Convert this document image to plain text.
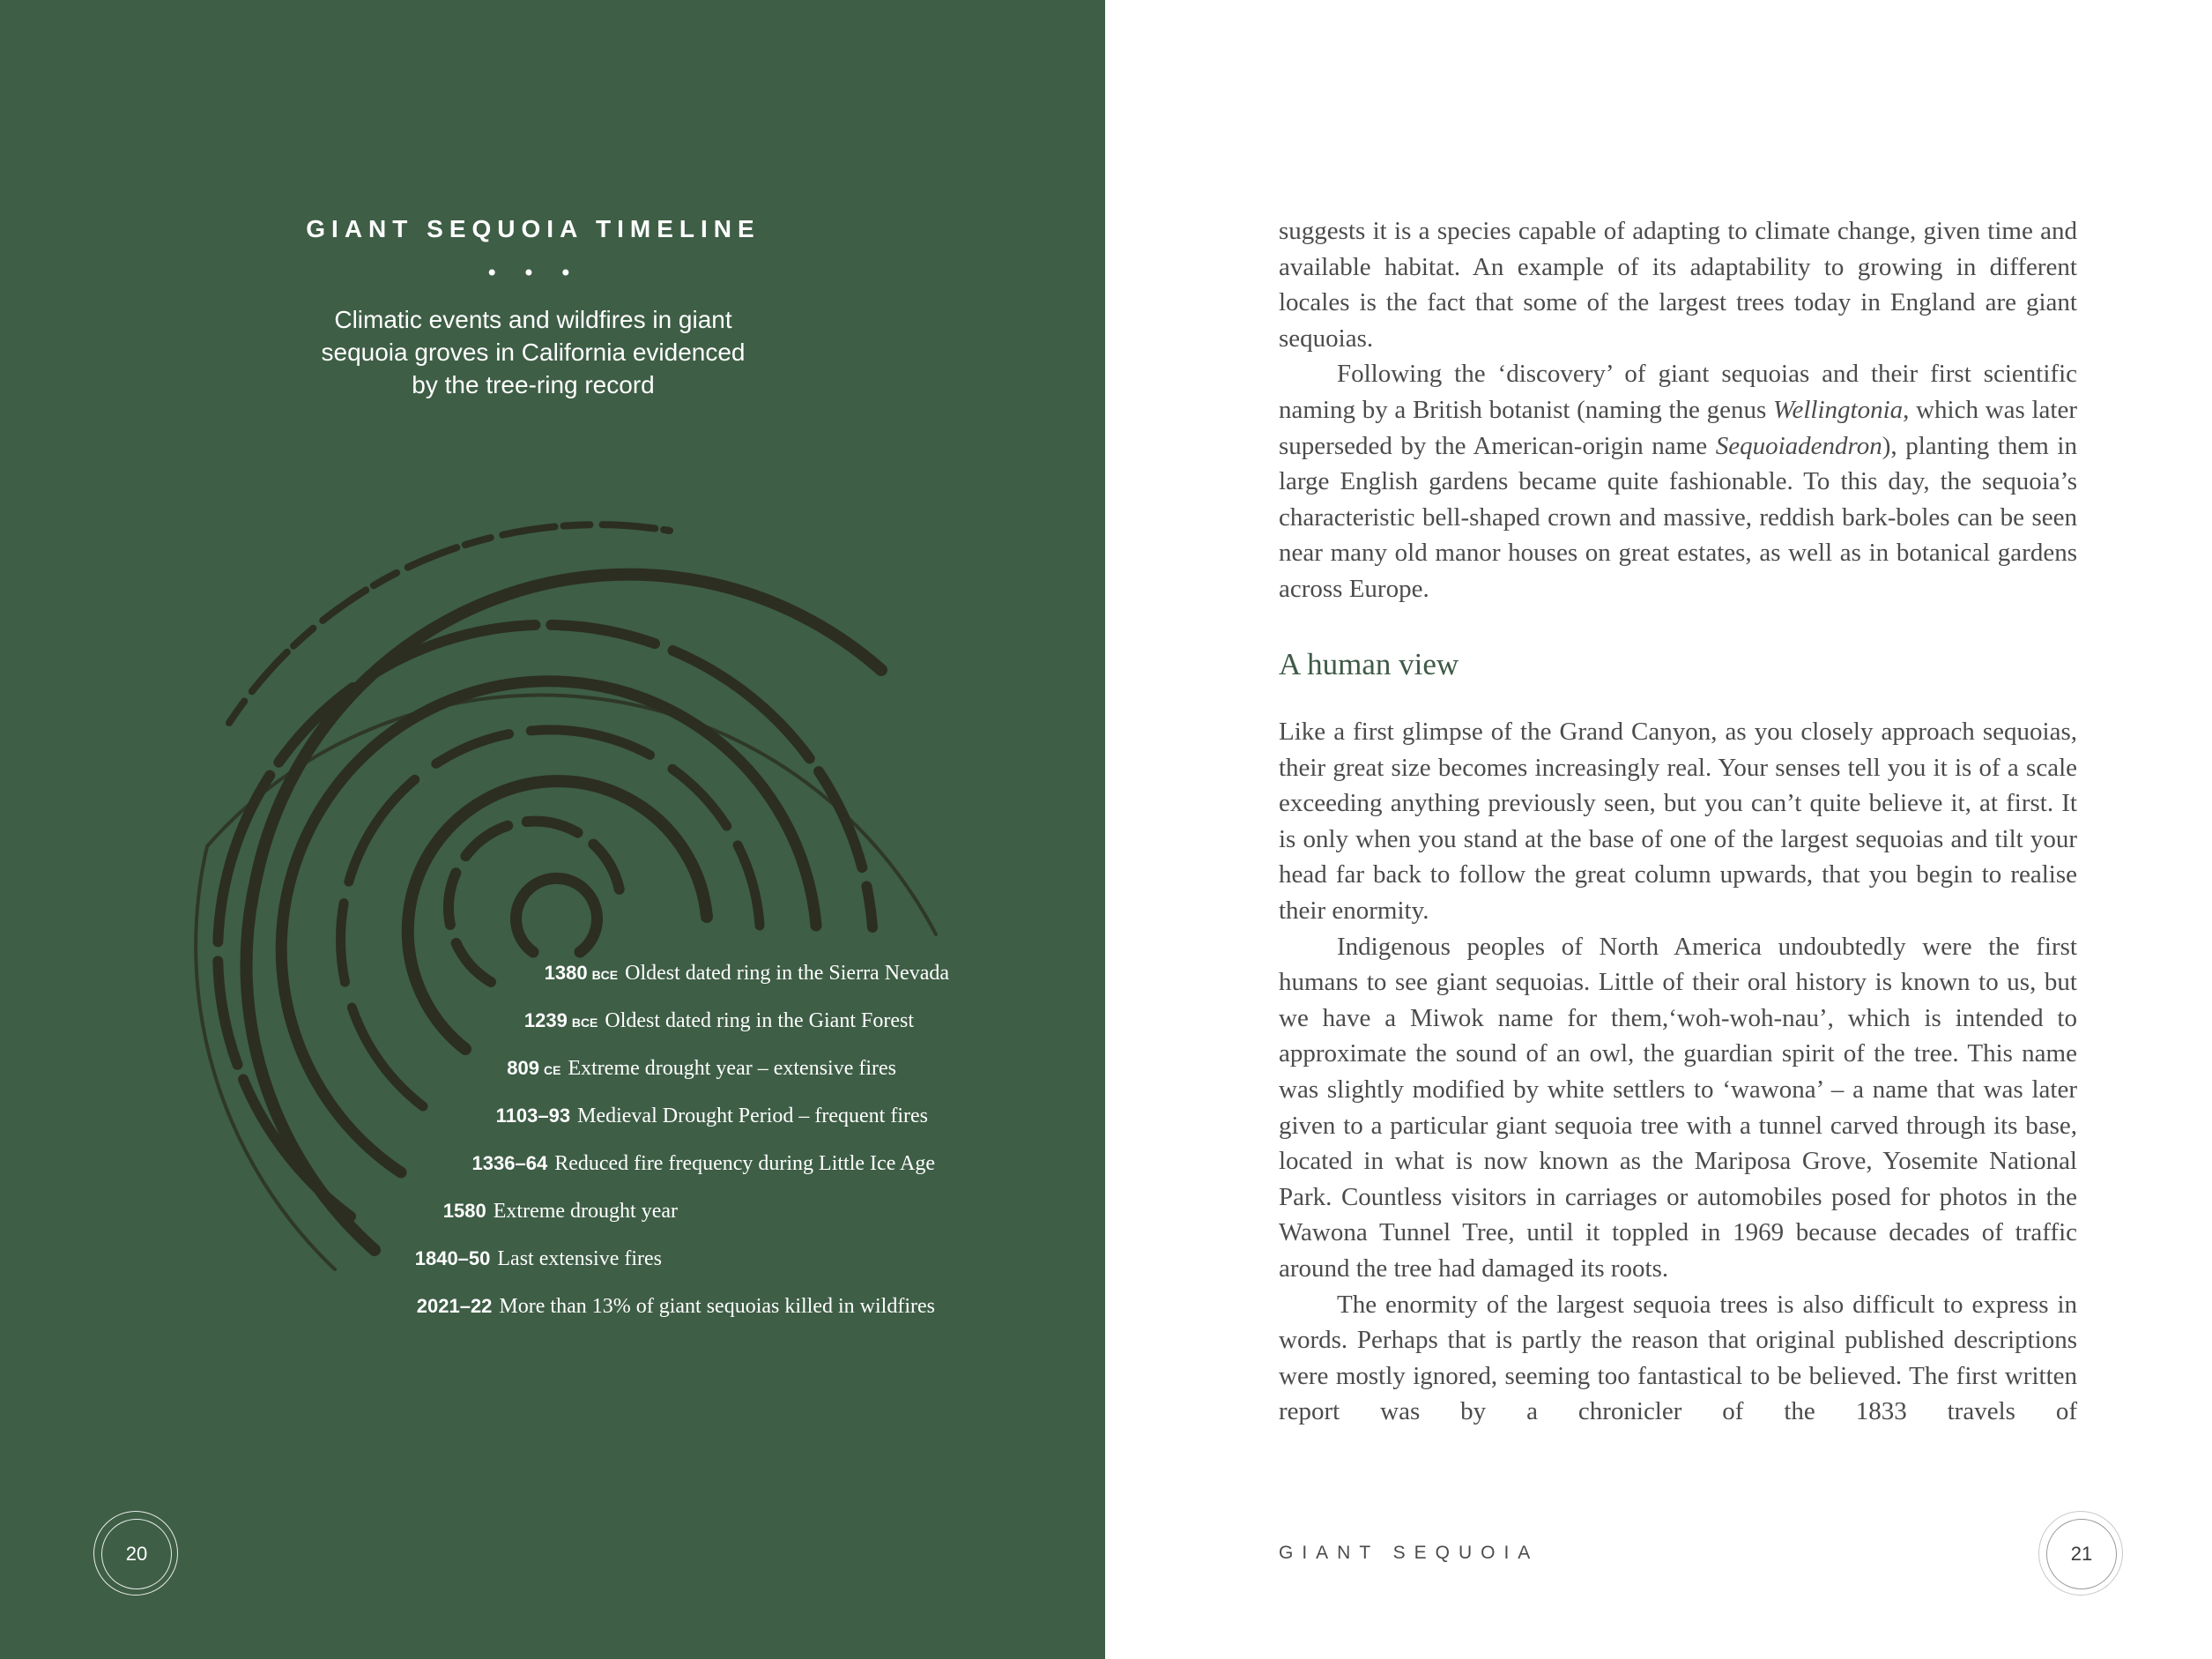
GIANT SEQUOIA TIMELINE
• • •
Climatic events and wildfires in giant sequoia groves in California evidenced by the tree-ring record
1380 BCE Oldest dated ring in the Sierra Nevada
1239 BCE Oldest dated ring in the Giant Forest
809 CE Extreme drought year – extensive fires
1103–93 Medieval Drought Period – frequent fires
1336–64 Reduced fire frequency during Little Ice Age
1580 Extreme drought year
1840–50 Last extensive fires
2021–22 More than 13% of giant sequoias killed in wildfires
20

suggests it is a species capable of adapting to climate change, given time and available habitat. An example of its adaptability to growing in different locales is the fact that some of the largest trees today in England are giant sequoias.

Following the ‘discovery’ of giant sequoias and their first scientific naming by a British botanist (naming the genus Wellingtonia, which was later superseded by the American-origin name Sequoiadendron), planting them in large English gardens became quite fashionable. To this day, the sequoia’s characteristic bell-shaped crown and massive, reddish bark-boles can be seen near many old manor houses on great estates, as well as in botanical gardens across Europe.

A human view

Like a first glimpse of the Grand Canyon, as you closely approach sequoias, their great size becomes increasingly real. Your senses tell you it is of a scale exceeding anything previously seen, but you can’t quite believe it, at first. It is only when you stand at the base of one of the largest sequoias and tilt your head far back to follow the great column upwards, that you begin to realise their enormity.

Indigenous peoples of North America undoubtedly were the first humans to see giant sequoias. Little of their oral history is known to us, but we have a Miwok name for them,‘woh-woh-nau’, which is intended to approximate the sound of an owl, the guardian spirit of the tree. This name was slightly modified by white settlers to ‘wawona’ – a name that was later given to a particular giant sequoia tree with a tunnel carved through its base, located in what is now known as the Mariposa Grove, Yosemite National Park. Countless visitors in carriages or automobiles posed for photos in the Wawona Tunnel Tree, until it toppled in 1969 because decades of traffic around the tree had damaged its roots.

The enormity of the largest sequoia trees is also difficult to express in words. Perhaps that is partly the reason that original published descriptions were mostly ignored, seeming too fantastical to be believed. The first written report was by a chronicler of the 1833 travels of

GIANT SEQUOIA	21
